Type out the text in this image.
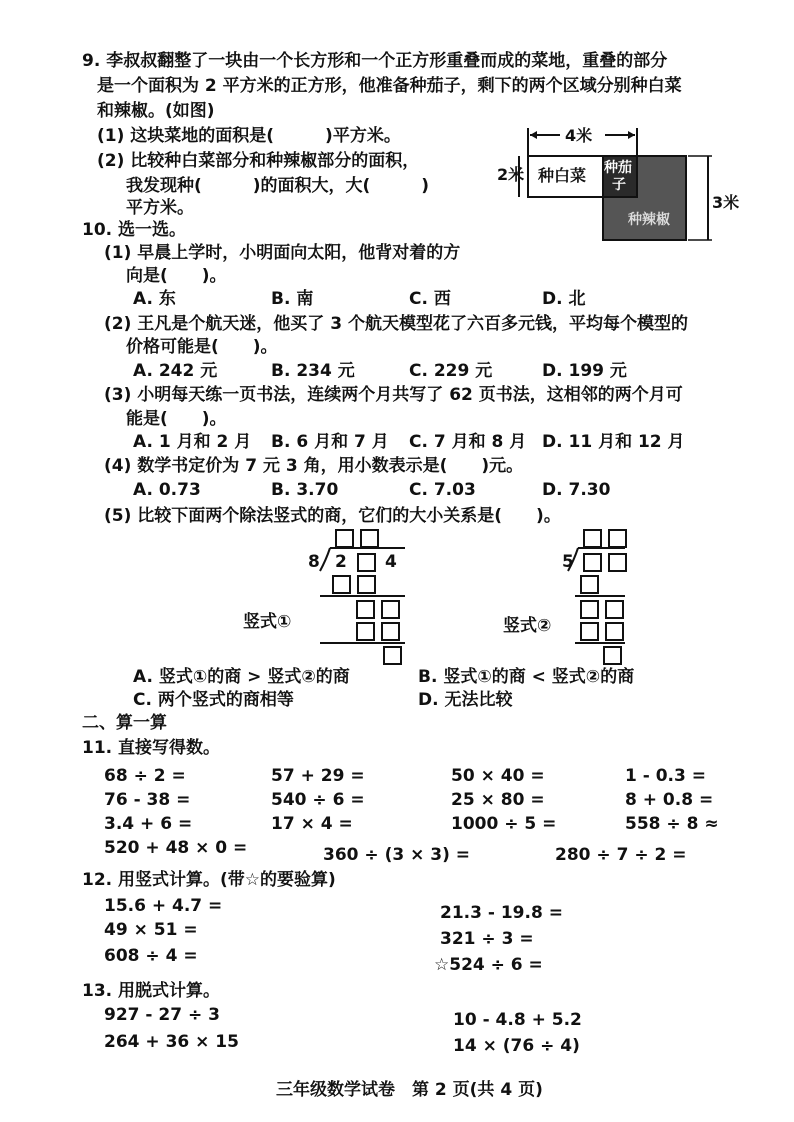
9. 李叔叔翻整了一块由一个长方形和一个正方形重叠而成的菜地，重叠的部分
是一个面积为 2 平方米的正方形，他准备种茄子，剩下的两个区域分别种白菜
和辣椒。(如图)
(1) 这块菜地的面积是(　　　)平方米。
(2) 比较种白菜部分和种辣椒部分的面积，
我发现种(　　　)的面积大，大(　　　)
平方米。
4米
2米
3米
种白菜 种茄
子
种辣椒
10. 选一选。
(1) 早晨上学时，小明面向太阳，他背对着的方
向是(　　)。
A. 东	B. 南	C. 西	D. 北
(2) 王凡是个航天迷，他买了 3 个航天模型花了六百多元钱，平均每个模型的
价格可能是(　　)。
A. 242 元	B. 234 元	C. 229 元	D. 199 元
(3) 小明每天练一页书法，连续两个月共写了 62 页书法，这相邻的两个月可
能是(　　)。
A. 1 月和 2 月 B. 6 月和 7 月 C. 7 月和 8 月 D. 11 月和 12 月
(4) 数学书定价为 7 元 3 角，用小数表示是(　　)元。
A. 0.73	B. 3.70	C. 7.03	D. 7.30
(5) 比较下面两个除法竖式的商，它们的大小关系是(　　)。

8 2 4

竖式①

5

竖式②
A. 竖式①的商 > 竖式②的商	B. 竖式①的商 < 竖式②的商
C. 两个竖式的商相等	D. 无法比较
二、算一算
11. 直接写得数。
68 ÷ 2 =	57 + 29 =	50 × 40 =	1 - 0.3 =
76 - 38 =	540 ÷ 6 =	25 × 80 =	8 + 0.8 =
3.4 + 6 =	17 × 4 =	1000 ÷ 5 =	558 ÷ 8 ≈
520 + 48 × 0 =	360 ÷ (3 × 3) =	280 ÷ 7 ÷ 2 =
12. 用竖式计算。(带☆的要验算)
15.6 + 4.7 =	21.3 - 19.8 =
49 × 51 =	321 ÷ 3 =
608 ÷ 4 =	☆524 ÷ 6 =
13. 用脱式计算。
927 - 27 ÷ 3	10 - 4.8 + 5.2
264 + 36 × 15	14 × (76 ÷ 4)
三年级数学试卷　第 2 页(共 4 页)
